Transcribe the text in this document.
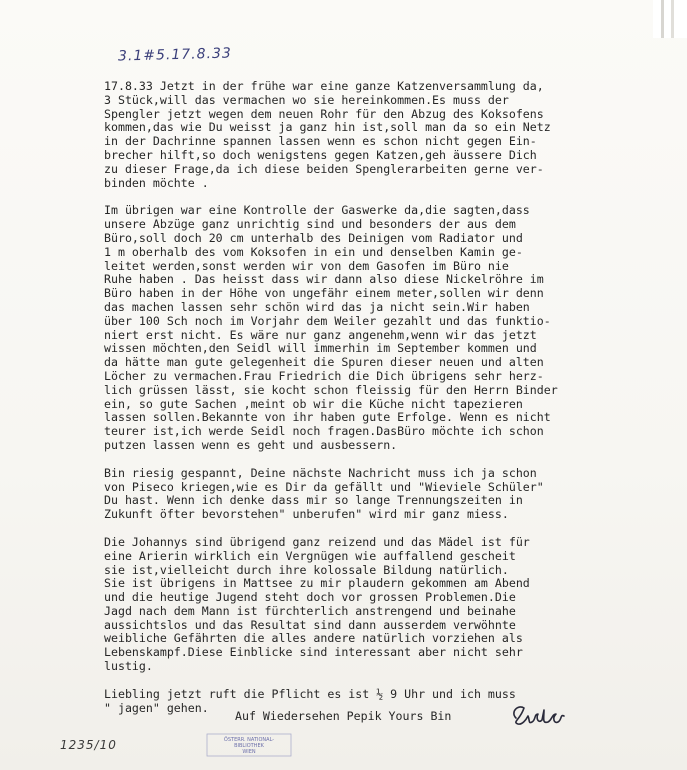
3.1#5.17.8.33
17.8.33 Jetzt in der frühe war eine ganze Katzenversammlung da,
3 Stück,will das vermachen wo sie hereinkommen.Es muss der
Spengler jetzt wegen dem neuen Rohr für den Abzug des Koksofens
kommen,das wie Du weisst ja ganz hin ist,soll man da so ein Netz
in der Dachrinne spannen lassen wenn es schon nicht gegen Ein-
brecher hilft,so doch wenigstens gegen Katzen,geh äussere Dich
zu dieser Frage,da ich diese beiden Spenglerarbeiten gerne ver-
binden möchte .
Im übrigen war eine Kontrolle der Gaswerke da,die sagten,dass
unsere Abzüge ganz unrichtig sind und besonders der aus dem
Büro,soll doch 20 cm unterhalb des Deinigen vom Radiator und
1 m oberhalb des vom Koksofen in ein und denselben Kamin ge-
leitet werden,sonst werden wir von dem Gasofen im Büro nie
Ruhe haben . Das heisst dass wir dann also diese Nickelröhre im
Büro haben in der Höhe von ungefähr einem meter,sollen wir denn
das machen lassen sehr schön wird das ja nicht sein.Wir haben
über 100 Sch noch im Vorjahr dem Weiler gezahlt und das funktio-
niert erst nicht. Es wäre nur ganz angenehm,wenn wir das jetzt
wissen möchten,den Seidl will immerhin im September kommen und
da hätte man gute gelegenheit die Spuren dieser neuen und alten
Löcher zu vermachen.Frau Friedrich die Dich übrigens sehr herz-
lich grüssen lässt, sie kocht schon fleissig für den Herrn Binder
ein, so gute Sachen ,meint ob wir die Küche nicht tapezieren
lassen sollen.Bekannte von ihr haben gute Erfolge. Wenn es nicht
teurer ist,ich werde Seidl noch fragen.DasBüro möchte ich schon
putzen lassen wenn es geht und ausbessern.
Bin riesig gespannt, Deine nächste Nachricht muss ich ja schon
von Piseco kriegen,wie es Dir da gefällt und "Wieviele Schüler"
Du hast. Wenn ich denke dass mir so lange Trennungszeiten in
Zukunft öfter bevorstehen" unberufen" wird mir ganz miess.
Die Johannys sind übrigend ganz reizend und das Mädel ist für
eine Arierin wirklich ein Vergnügen wie auffallend gescheit
sie ist,vielleicht durch ihre kolossale Bildung natürlich.
Sie ist übrigens in Mattsee zu mir plaudern gekommen am Abend
und die heutige Jugend steht doch vor grossen Problemen.Die
Jagd nach dem Mann ist fürchterlich anstrengend und beinahe
aussichtslos und das Resultat sind dann ausserdem verwöhnte
weibliche Gefährten die alles andere natürlich vorziehen als
Lebenskampf.Diese Einblicke sind interessant aber nicht sehr
lustig.
Liebling jetzt ruft die Pflicht es ist ½ 9 Uhr und ich muss
" jagen" gehen.
Auf Wiedersehen Pepik Yours Bin
1235/10	ÖSTERR. NATIONAL-
BIBLIOTHEK
WIEN
